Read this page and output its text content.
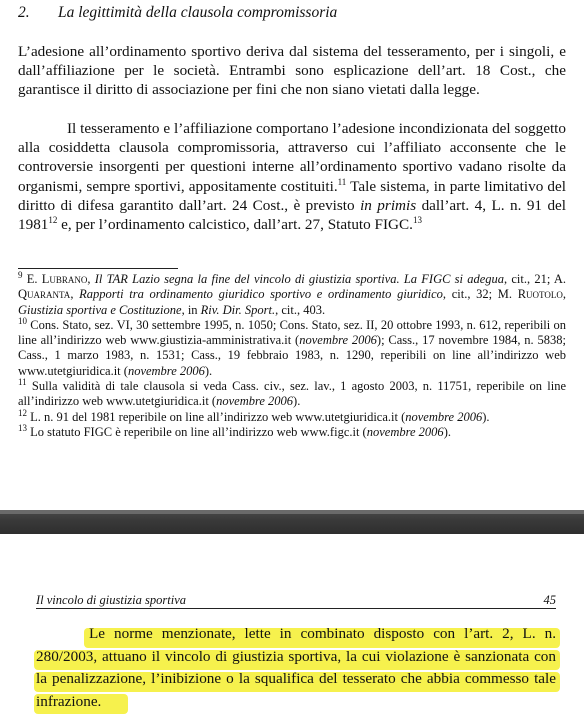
2. La legittimità della clausola compromissoria

L’adesione all’ordinamento sportivo deriva dal sistema del tesseramento, per i singoli, e dall’affiliazione per le società. Entrambi sono esplicazione dell’art. 18 Cost., che garantisce il diritto di associazione per fini che non siano vietati dalla legge.

Il tesseramento e l’affiliazione comportano l’adesione incondizionata del soggetto alla cosiddetta clausola compromissoria, attraverso cui l’affiliato acconsente che le controversie insorgenti per questioni interne all’ordinamento sportivo vadano risolte da organismi, sempre sportivi, appositamente costituiti.$^{11}$ Tale sistema, in parte limitativo del diritto di difesa garantito dall’art. 24 Cost., è previsto in primis dall’art. 4, L. n. 91 del 1981$^{12}$ e, per l’ordinamento calcistico, dall’art. 27, Statuto FIGC.$^{13}$

$^9$ E. Lubrano, Il TAR Lazio segna la fine del vincolo di giustizia sportiva. La FIGC si adegua, cit., 21; A. Quaranta, Rapporti tra ordinamento giuridico sportivo e ordinamento giuridico, cit., 32; M. Ruotolo, Giustizia sportiva e Costituzione, in Riv. Dir. Sport., cit., 403.

$^{10}$ Cons. Stato, sez. VI, 30 settembre 1995, n. 1050; Cons. Stato, sez. II, 20 ottobre 1993, n. 612, reperibili on line all’indirizzo web www.giustizia-amministrativa.it (novembre 2006); Cass., 17 novembre 1984, n. 5838; Cass., 1 marzo 1983, n. 1531; Cass., 19 febbraio 1983, n. 1290, reperibili on line all’indirizzo web www.utetgiuridica.it (novembre 2006).

$^{11}$ Sulla validità di tale clausola si veda Cass. civ., sez. lav., 1 agosto 2003, n. 11751, reperibile on line all’indirizzo web www.utetgiuridica.it (novembre 2006).

$^{12}$ L. n. 91 del 1981 reperibile on line all’indirizzo web www.utetgiuridica.it (novembre 2006).

$^{13}$ Lo statuto FIGC è reperibile on line all’indirizzo web www.figc.it (novembre 2006).

Il vincolo di giustizia sportiva	45

Le norme menzionate, lette in combinato disposto con l’art. 2, L. n. 280/2003, attuano il vincolo di giustizia sportiva, la cui violazione è sanzionata con la penalizzazione, l’inibizione o la squalifica del tesserato che abbia commesso tale infrazione.
